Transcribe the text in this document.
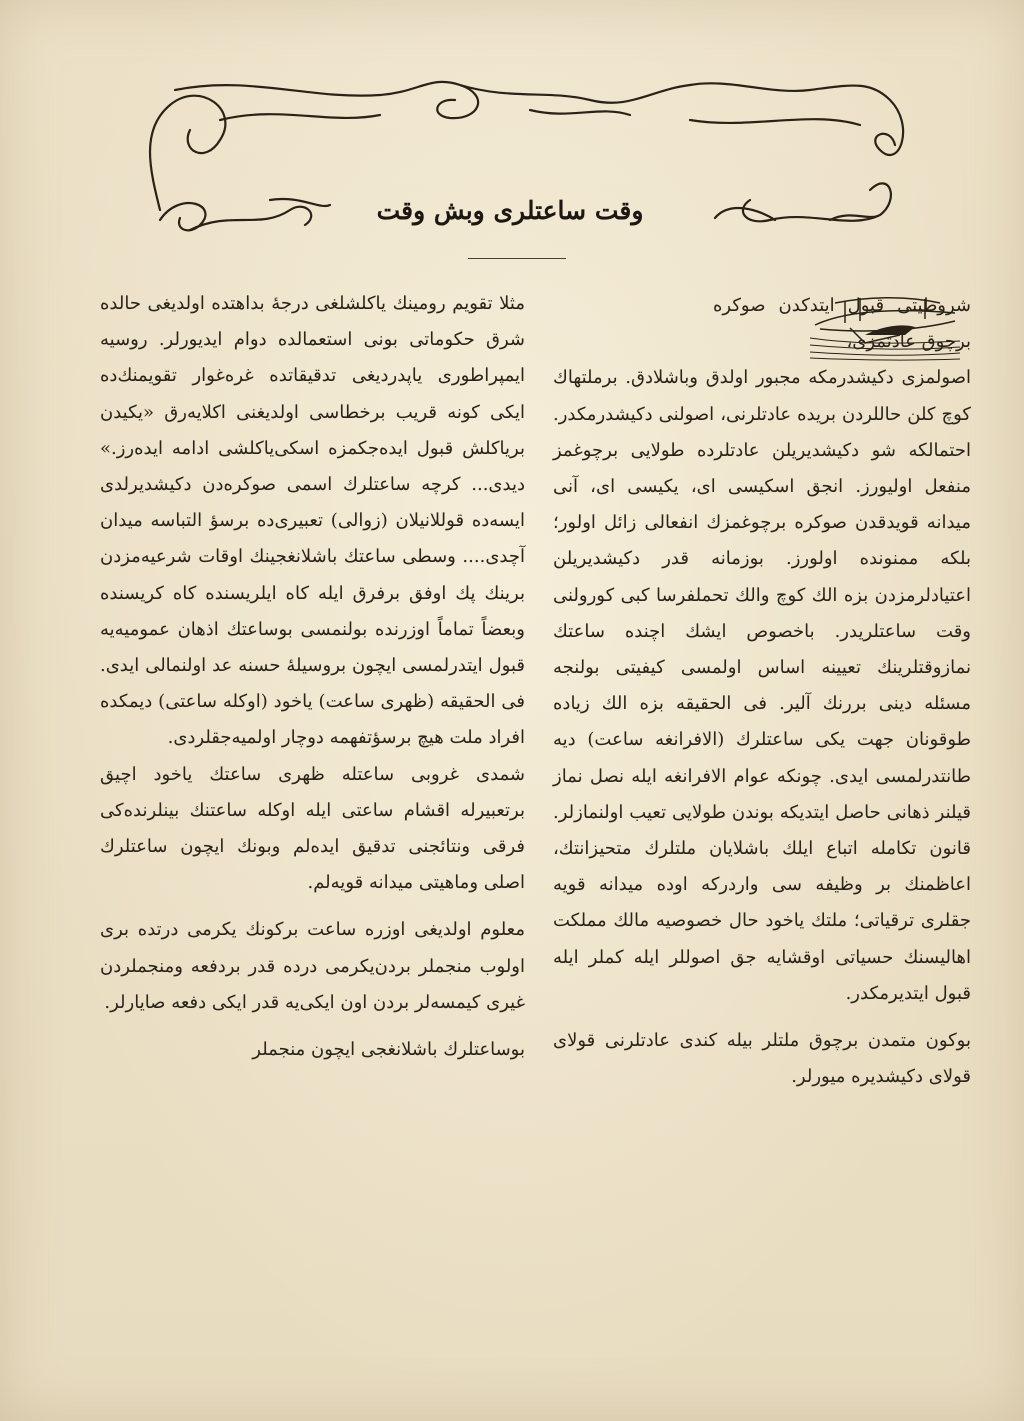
وقت ساعتلری وبش وقت

شروطیتی قبول ایتدکدن صوکره برچوق عادتمزی،

اصولمزی دکیشدرمکه مجبور اولدق وباشلادق. برملتهاك کوچ کلن حاللردن بریده عادتلرنی، اصولنی دکیشدرمکدر. احتمالکه شو دکیشدیریلن عادتلرده طولایی برچوغمز منفعل اولیورز. انجق اسکیسی ای، یکیسی ای، آنی میدانه قویدقدن صوکره برچوغمزك انفعالی زائل اولور؛ بلکه ممنونده اولورز. بوزمانه قدر دکیشدیریلن اعتیادلرمزدن بزه الك کوچ والك تحملفرسا کبی کورولنی وقت ساعتلریدر. باخصوص ایشك اچنده ساعتك نمازوقتلرینك تعیینه اساس اولمسی کیفیتی بولنجه مسئله دینی بررنك آلیر. فی الحقیقه بزه الك زیاده طوقونان جهت یکی ساعتلرك (الافرانغه ساعت) دیه طانتدرلمسی ایدی. چونکه عوام الافرانغه ایله نصل نماز قیلنر ذهانی حاصل ایتدیکه بوندن طولایی تعیب اولنمازلر. قانون تکامله اتباع ایلك باشلایان ملتلرك متحیزانتك، اعاظمنك بر وظیفه سی واردرکه اوده میدانه قویه جقلری ترقیاتی؛ ملتك یاخود حال خصوصیه مالك مملکت اهالیسنك حسیاتی اوقشایه جق اصوللر ایله کملر ایله قبول ایتدیرمکدر.

بوکون متمدن برچوق ملتلر بیله کندی عادتلرنی قولای قولای دکیشدیره میورلر.

مثلا تقویم رومینك یاکلشلغی درجهٔ بداهتده اولدیغی حالده شرق حکوماتی بونی استعمالده دوام ایدیورلر. روسیه ایمپراطوری یاپدردیغی تدقیقاتده غره‌غوار تقویمنك‌ده ایکی کونه قریب برخطاسی اولدیغنی اکلایه‌رق «یکیدن بریاکلش قبول ایده‌جکمزه اسکی‌یاکلشی ادامه ایده‌رز.» دیدی... کرچه ساعتلرك اسمی صوکره‌دن دکیشدیرلدی ایسه‌ده قوللانیلان (زوالی) تعبیری‌ده برسؤ التباسه میدان آچدی.... وسطی ساعتك باشلانغجینك اوقات شرعیه‌مزدن برینك پك اوفق برفرق ایله کاه ایلریسنده کاه کریسنده وبعضاً تماماً اوزرنده بولنمسی بوساعتك اذهان عمومیه‌یه قبول ایتدرلمسی ایچون بروسیلهٔ حسنه عد اولنمالی ایدی. فی الحقیقه (ظهری ساعت) یاخود (اوکله ساعتی) دیمکده افراد ملت هیچ برسؤتفهمه دوچار اولمیه‌جقلردی.

شمدی غروبی ساعتله ظهری ساعتك یاخود اچیق برتعبیرله اقشام ساعتی ایله اوکله ساعتنك بینلرنده‌کی فرقی ونتائجنی تدقیق ایده‌لم وبونك ایچون ساعتلرك اصلی وماهیتی میدانه قویه‌لم.

معلوم اولدیغی اوزره ساعت برکونك یکرمی درتده بری اولوب منجملر بردن‌یکرمی درده قدر بردفعه ومنجملردن غیری کیمسه‌لر بردن اون ایکی‌یه قدر ایکی دفعه صایارلر.

بوساعتلرك باشلانغجی ایچون منجملر
